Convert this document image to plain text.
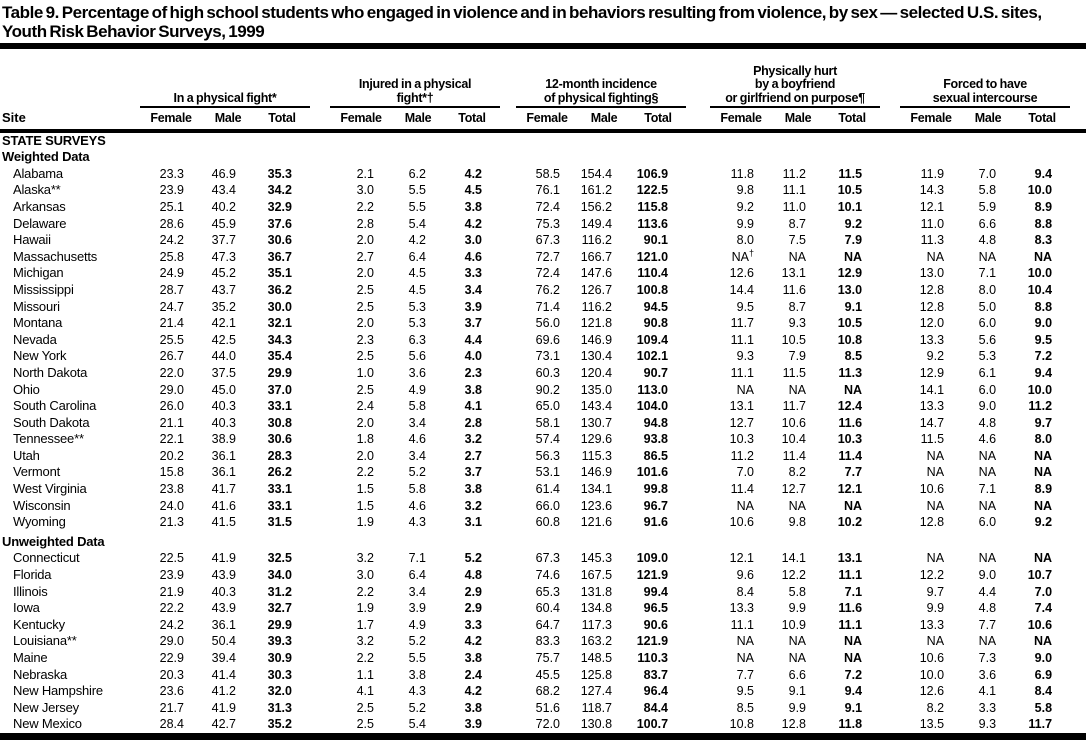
Table 9. Percentage of high school students who engaged in violence and in behaviors resulting from violence, by sex — selected U.S. sites, Youth Risk Behavior Surveys, 1999

In a physical fight*

Injured in a physical
fight*†

12-month incidence
of physical fighting§

Physically hurt
by a boyfriend
or girlfriend on purpose¶

Forced to have
sexual intercourse

Site	Female	Male	Total		Female	Male	Total		Female	Male	Total		Female	Male	Total		Female	Male	Total	
STATE SURVEYS																				
Weighted Data																				
Alabama	23.3	46.9	35.3		2.1	6.2	4.2		58.5	154.4	106.9		11.8	11.2	11.5		11.9	7.0	9.4	
Alaska**	23.9	43.4	34.2		3.0	5.5	4.5		76.1	161.2	122.5		9.8	11.1	10.5		14.3	5.8	10.0	
Arkansas	25.1	40.2	32.9		2.2	5.5	3.8		72.4	156.2	115.8		9.2	11.0	10.1		12.1	5.9	8.9	
Delaware	28.6	45.9	37.6		2.8	5.4	4.2		75.3	149.4	113.6		9.9	8.7	9.2		11.0	6.6	8.8	
Hawaii	24.2	37.7	30.6		2.0	4.2	3.0		67.3	116.2	90.1		8.0	7.5	7.9		11.3	4.8	8.3	
Massachusetts	25.8	47.3	36.7		2.7	6.4	4.6		72.7	166.7	121.0		NA†	NA	NA		NA	NA	NA	
Michigan	24.9	45.2	35.1		2.0	4.5	3.3		72.4	147.6	110.4		12.6	13.1	12.9		13.0	7.1	10.0	
Mississippi	28.7	43.7	36.2		2.5	4.5	3.4		76.2	126.7	100.8		14.4	11.6	13.0		12.8	8.0	10.4	
Missouri	24.7	35.2	30.0		2.5	5.3	3.9		71.4	116.2	94.5		9.5	8.7	9.1		12.8	5.0	8.8	
Montana	21.4	42.1	32.1		2.0	5.3	3.7		56.0	121.8	90.8		11.7	9.3	10.5		12.0	6.0	9.0	
Nevada	25.5	42.5	34.3		2.3	6.3	4.4		69.6	146.9	109.4		11.1	10.5	10.8		13.3	5.6	9.5	
New York	26.7	44.0	35.4		2.5	5.6	4.0		73.1	130.4	102.1		9.3	7.9	8.5		9.2	5.3	7.2	
North Dakota	22.0	37.5	29.9		1.0	3.6	2.3		60.3	120.4	90.7		11.1	11.5	11.3		12.9	6.1	9.4	
Ohio	29.0	45.0	37.0		2.5	4.9	3.8		90.2	135.0	113.0		NA	NA	NA		14.1	6.0	10.0	
South Carolina	26.0	40.3	33.1		2.4	5.8	4.1		65.0	143.4	104.0		13.1	11.7	12.4		13.3	9.0	11.2	
South Dakota	21.1	40.3	30.8		2.0	3.4	2.8		58.1	130.7	94.8		12.7	10.6	11.6		14.7	4.8	9.7	
Tennessee**	22.1	38.9	30.6		1.8	4.6	3.2		57.4	129.6	93.8		10.3	10.4	10.3		11.5	4.6	8.0	
Utah	20.2	36.1	28.3		2.0	3.4	2.7		56.3	115.3	86.5		11.2	11.4	11.4		NA	NA	NA	
Vermont	15.8	36.1	26.2		2.2	5.2	3.7		53.1	146.9	101.6		7.0	8.2	7.7		NA	NA	NA	
West Virginia	23.8	41.7	33.1		1.5	5.8	3.8		61.4	134.1	99.8		11.4	12.7	12.1		10.6	7.1	8.9	
Wisconsin	24.0	41.6	33.1		1.5	4.6	3.2		66.0	123.6	96.7		NA	NA	NA		NA	NA	NA	
Wyoming	21.3	41.5	31.5		1.9	4.3	3.1		60.8	121.6	91.6		10.6	9.8	10.2		12.8	6.0	9.2	
Unweighted Data																				
Connecticut	22.5	41.9	32.5		3.2	7.1	5.2		67.3	145.3	109.0		12.1	14.1	13.1		NA	NA	NA	
Florida	23.9	43.9	34.0		3.0	6.4	4.8		74.6	167.5	121.9		9.6	12.2	11.1		12.2	9.0	10.7	
Illinois	21.9	40.3	31.2		2.2	3.4	2.9		65.3	131.8	99.4		8.4	5.8	7.1		9.7	4.4	7.0	
Iowa	22.2	43.9	32.7		1.9	3.9	2.9		60.4	134.8	96.5		13.3	9.9	11.6		9.9	4.8	7.4	
Kentucky	24.2	36.1	29.9		1.7	4.9	3.3		64.7	117.3	90.6		11.1	10.9	11.1		13.3	7.7	10.6	
Louisiana**	29.0	50.4	39.3		3.2	5.2	4.2		83.3	163.2	121.9		NA	NA	NA		NA	NA	NA	
Maine	22.9	39.4	30.9		2.2	5.5	3.8		75.7	148.5	110.3		NA	NA	NA		10.6	7.3	9.0	
Nebraska	20.3	41.4	30.3		1.1	3.8	2.4		45.5	125.8	83.7		7.7	6.6	7.2		10.0	3.6	6.9	
New Hampshire	23.6	41.2	32.0		4.1	4.3	4.2		68.2	127.4	96.4		9.5	9.1	9.4		12.6	4.1	8.4	
New Jersey	21.7	41.9	31.3		2.5	5.2	3.8		51.6	118.7	84.4		8.5	9.9	9.1		8.2	3.3	5.8	
New Mexico	28.4	42.7	35.2		2.5	5.4	3.9		72.0	130.8	100.7		10.8	12.8	11.8		13.5	9.3	11.7	
